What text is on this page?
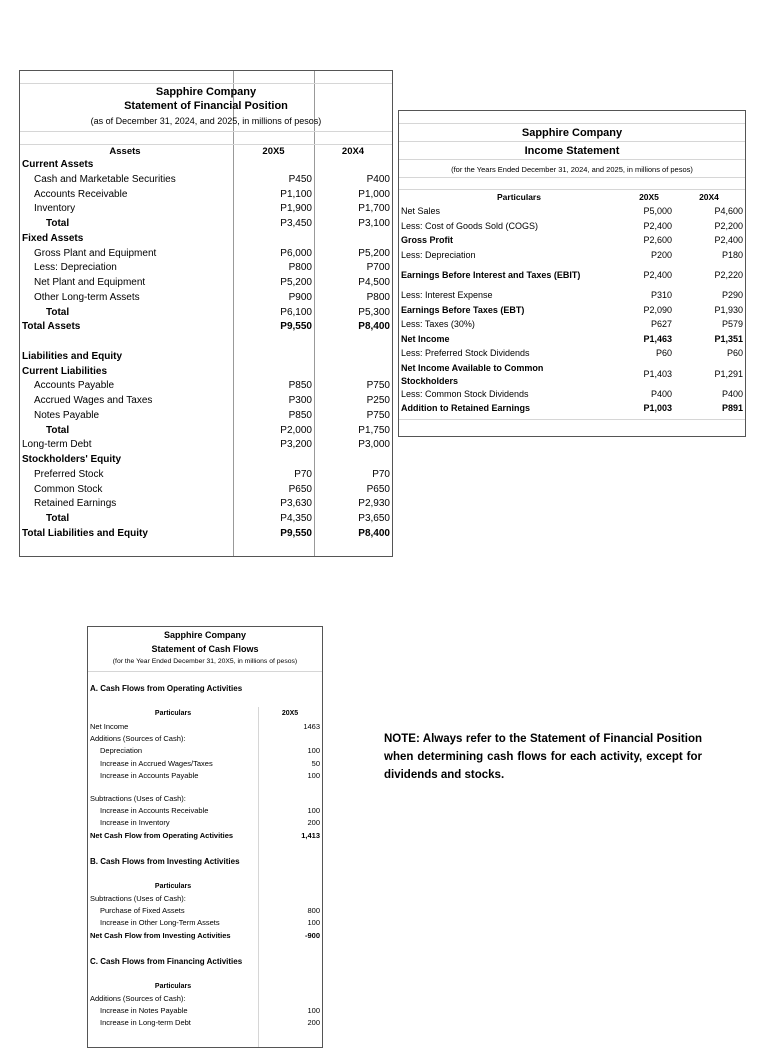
Sapphire Company
Statement of Financial Position
(as of December 31, 2024, and 2025, in millions of pesos)
Assets	20X5	20X4
Current Assets
Cash and Marketable Securities	P450	P400
Accounts Receivable	P1,100	P1,000
Inventory	P1,900	P1,700
Total	P3,450	P3,100
Fixed Assets
Gross Plant and Equipment	P6,000	P5,200
Less: Depreciation	P800	P700
Net Plant and Equipment	P5,200	P4,500
Other Long-term Assets	P900	P800
Total	P6,100	P5,300
Total Assets	P9,550	P8,400
Liabilities and Equity
Current Liabilities
Accounts Payable	P850	P750
Accrued Wages and Taxes	P300	P250
Notes Payable	P850	P750
Total	P2,000	P1,750
Long-term Debt	P3,200	P3,000
Stockholders' Equity
Preferred Stock	P70	P70
Common Stock	P650	P650
Retained Earnings	P3,630	P2,930
Total	P4,350	P3,650
Total Liabilities and Equity	P9,550	P8,400
Sapphire Company
Income Statement
(for the Years Ended December 31, 2024, and 2025, in millions of pesos)
Particulars	20X5	20X4
Net Sales	P5,000	P4,600
Less: Cost of Goods Sold (COGS)	P2,400	P2,200
Gross Profit	P2,600	P2,400
Less: Depreciation	P200	P180
Earnings Before Interest and Taxes (EBIT)	P2,400	P2,220
Less: Interest Expense	P310	P290
Earnings Before Taxes (EBT)	P2,090	P1,930
Less: Taxes (30%)	P627	P579
Net Income	P1,463	P1,351
Less: Preferred Stock Dividends	P60	P60
Net Income Available to Common
Stockholders
P1,403	P1,291
Less: Common Stock Dividends	P400	P400
Addition to Retained Earnings	P1,003	P891
Sapphire Company
Statement of Cash Flows
(for the Year Ended December 31, 20X5, in millions of pesos)
A. Cash Flows from Operating Activities
Particulars	20X5
Net Income	1463
Additions (Sources of Cash):
Depreciation	100
Increase in Accrued Wages/Taxes	50
Increase in Accounts Payable	100
Subtractions (Uses of Cash):
Increase in Accounts Receivable	100
Increase in Inventory	200
Net Cash Flow from Operating Activities	1,413
B. Cash Flows from Investing Activities
Particulars
Subtractions (Uses of Cash):
Purchase of Fixed Assets	800
Increase in Other Long-Term Assets	100
Net Cash Flow from Investing Activities	-900
C. Cash Flows from Financing Activities
Particulars
Additions (Sources of Cash):
Increase in Notes Payable	100
Increase in Long-term Debt	200
NOTE: Always refer to the Statement of Financial Position when determining cash flows for each activity, except for dividends and stocks.
